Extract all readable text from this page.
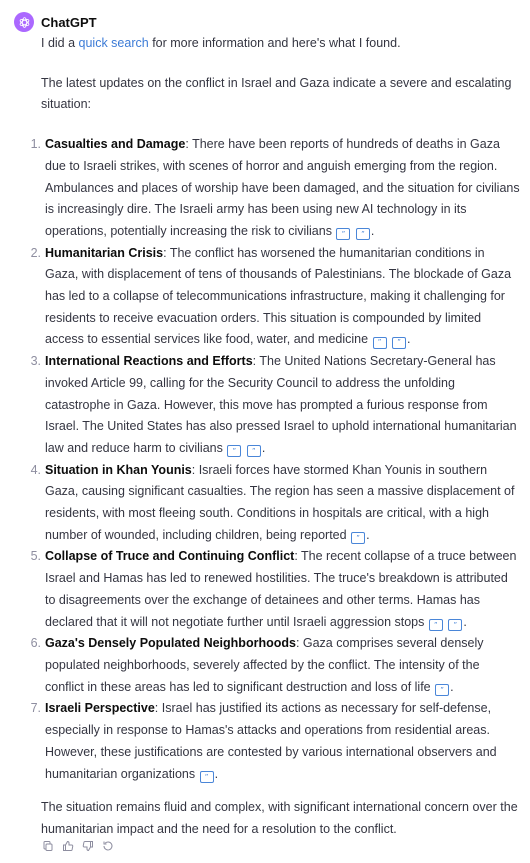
ChatGPT

I did a quick search for more information and here's what I found.

The latest updates on the conflict in Israel and Gaza indicate a severe and escalating situation:

1. Casualties and Damage: There have been reports of hundreds of deaths in Gaza due to Israeli strikes, with scenes of horror and anguish emerging from the region. Ambulances and places of worship have been damaged, and the situation for civilians is increasingly dire. The Israeli army has been using new AI technology in its operations, potentially increasing the risk to civilians ” ” .
2. Humanitarian Crisis: The conflict has worsened the humanitarian conditions in Gaza, with displacement of tens of thousands of Palestinians. The blockade of Gaza has led to a collapse of telecommunications infrastructure, making it challenging for residents to receive evacuation orders. This situation is compounded by limited access to essential services like food, water, and medicine ” ” .
3. International Reactions and Efforts: The United Nations Secretary-General has invoked Article 99, calling for the Security Council to address the unfolding catastrophe in Gaza. However, this move has prompted a furious response from Israel. The United States has also pressed Israel to uphold international humanitarian law and reduce harm to civilians ” ” .
4. Situation in Khan Younis: Israeli forces have stormed Khan Younis in southern Gaza, causing significant casualties. The region has seen a massive displacement of residents, with most fleeing south. Conditions in hospitals are critical, with a high number of wounded, including children, being reported ” .
5. Collapse of Truce and Continuing Conflict: The recent collapse of a truce between Israel and Hamas has led to renewed hostilities. The truce's breakdown is attributed to disagreements over the exchange of detainees and other terms. Hamas has declared that it will not negotiate further until Israeli aggression stops ” ” .
6. Gaza's Densely Populated Neighborhoods: Gaza comprises several densely populated neighborhoods, severely affected by the conflict. The intensity of the conflict in these areas has led to significant destruction and loss of life ” .
7. Israeli Perspective: Israel has justified its actions as necessary for self-defense, especially in response to Hamas's attacks and operations from residential areas. However, these justifications are contested by various international observers and humanitarian organizations ” .

The situation remains fluid and complex, with significant international concern over the humanitarian impact and the need for a resolution to the conflict.
